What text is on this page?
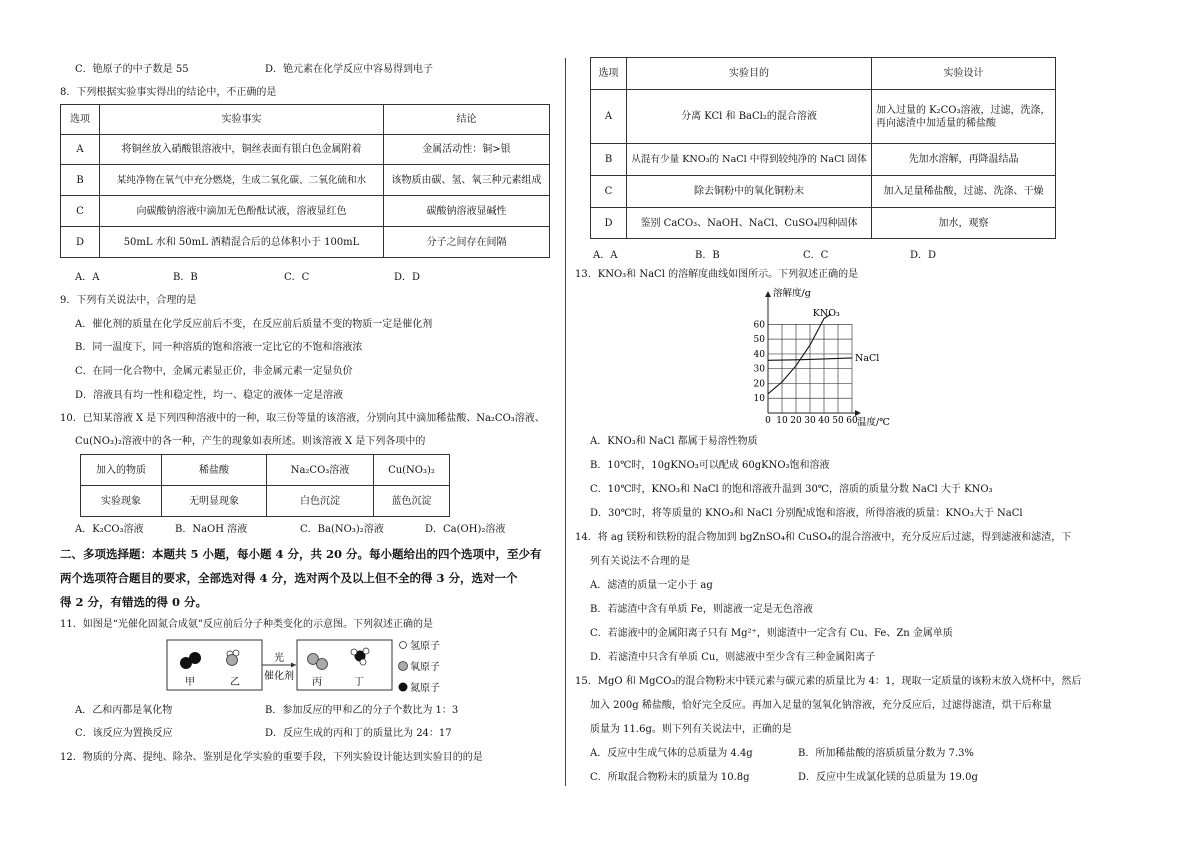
C．铯原子的中子数是 55	D．铯元素在化学反应中容易得到电子
8．下列根据实验事实得出的结论中，不正确的是
选项	实验事实	结论
A	将铜丝放入硝酸银溶液中，铜丝表面有银白色金属附着	金属活动性：铜>银
B	某纯净物在氧气中充分燃烧，生成二氧化碳、二氧化硫和水	该物质由碳、氢、氧三种元素组成
C	向碳酸钠溶液中滴加无色酚酞试液，溶液显红色	碳酸钠溶液显碱性
D	50mL 水和 50mL 酒精混合后的总体积小于 100mL	分子之间存在间隔
A．A	B．B	C．C	D．D
9．下列有关说法中，合理的是
A．催化剂的质量在化学反应前后不变，在反应前后质量不变的物质一定是催化剂
B．同一温度下，同一种溶质的饱和溶液一定比它的不饱和溶液浓
C．在同一化合物中，金属元素显正价，非金属元素一定显负价
D．溶液具有均一性和稳定性，均一、稳定的液体一定是溶液
10．已知某溶液 X 是下列四种溶液中的一种，取三份等量的该溶液，分别向其中滴加稀盐酸、Na₂CO₃溶液、
Cu(NO₃)₂溶液中的各一种，产生的现象如表所述。则该溶液 X 是下列各项中的
加入的物质	稀盐酸	Na₂CO₃溶液	Cu(NO₃)₂
实验现象	无明显现象	白色沉淀	蓝色沉淀
A．K₂CO₃溶液	B．NaOH 溶液	C．Ba(NO₃)₂溶液	D．Ca(OH)₂溶液
二、多项选择题：本题共 5 小题，每小题 4 分，共 20 分。每小题给出的四个选项中，至少有
两个选项符合题目的要求，全部选对得 4 分，选对两个及以上但不全的得 3 分，选对一个
得 2 分，有错选的得 0 分。
11．如图是“光催化固氮合成氨”反应前后分子种类变化的示意图。下列叙述正确的是
光
催化剂
甲	乙	丙	丁
氢原子
氧原子
氮原子
A．乙和丙都是氧化物	B．参加反应的甲和乙的分子个数比为 1：3
C．该反应为置换反应	D．反应生成的丙和丁的质量比为 24：17
12．物质的分离、提纯、除杂、鉴别是化学实验的重要手段，下列实验设计能达到实验目的的是
选项	实验目的	实验设计
A	分离 KCl 和 BaCl₂的混合溶液	加入过量的 K₂CO₃溶液，过滤，洗涤，再向滤渣中加适量的稀盐酸
B	从混有少量 KNO₃的 NaCl 中得到较纯净的 NaCl 固体	先加水溶解，再降温结晶
C	除去铜粉中的氧化铜粉末	加入足量稀盐酸，过滤、洗涤、干燥
D	鉴别 CaCO₃、NaOH、NaCl、CuSO₄四种固体	加水，观察
A．A	B．B	C．C	D．D
13．KNO₃和 NaCl 的溶解度曲线如图所示。下列叙述正确的是
0 10 20 30 40 50 60
10
20
30
40
50
60
KNO₃
NaCl
溶解度/g
温度/℃
A．KNO₃和 NaCl 都属于易溶性物质
B．10℃时，10gKNO₃可以配成 60gKNO₃饱和溶液
C．10℃时，KNO₃和 NaCl 的饱和溶液升温到 30℃，溶质的质量分数 NaCl 大于 KNO₃
D．30℃时，将等质量的 KNO₃和 NaCl 分别配成饱和溶液，所得溶液的质量：KNO₃大于 NaCl
14．将 ag 镁粉和铁粉的混合物加到 bgZnSO₄和 CuSO₄的混合溶液中，充分反应后过滤，得到滤液和滤渣，下
列有关说法不合理的是
A．滤渣的质量一定小于 ag
B．若滤渣中含有单质 Fe，则滤液一定是无色溶液
C．若滤液中的金属阳离子只有 Mg²⁺，则滤渣中一定含有 Cu、Fe、Zn 金属单质
D．若滤渣中只含有单质 Cu，则滤液中至少含有三种金属阳离子
15．MgO 和 MgCO₃的混合物粉末中镁元素与碳元素的质量比为 4：1，现取一定质量的该粉末放入烧杯中，然后
加入 200g 稀盐酸，恰好完全反应。再加入足量的氢氧化钠溶液，充分反应后，过滤得滤渣，烘干后称量
质量为 11.6g。则下列有关说法中，正确的是
A．反应中生成气体的总质量为 4.4g	B．所加稀盐酸的溶质质量分数为 7.3%
C．所取混合物粉末的质量为 10.8g	D．反应中生成氯化镁的总质量为 19.0g
